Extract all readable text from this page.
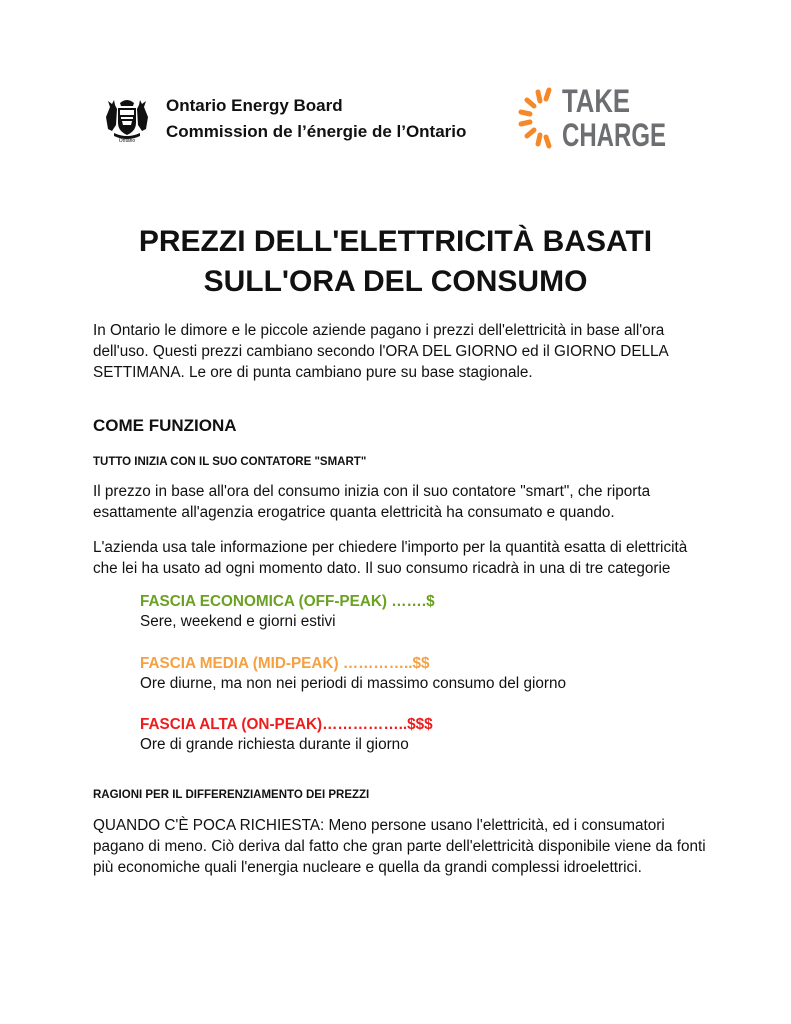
Ontario
Ontario Energy Board
Commission de l’énergie de l’Ontario
TAKE
CHARGE
PREZZI DELL'ELETTRICITÀ BASATI SULL'ORA DEL CONSUMO
In Ontario le dimore e le piccole aziende pagano i prezzi dell'elettricità in base all'ora dell'uso. Questi prezzi cambiano secondo l'ORA DEL GIORNO ed il GIORNO DELLA SETTIMANA. Le ore di punta cambiano pure su base stagionale.
COME FUNZIONA
TUTTO INIZIA CON IL SUO CONTATORE "SMART"
Il prezzo in base all'ora del consumo inizia con il suo contatore "smart", che riporta esattamente all'agenzia erogatrice quanta elettricità ha consumato e quando.
L'azienda usa tale informazione per chiedere l'importo per la quantità esatta di elettricità che lei ha usato ad ogni momento dato. Il suo consumo ricadrà in una di tre categorie
FASCIA ECONOMICA (OFF-PEAK) …….$
Sere, weekend e giorni estivi
FASCIA MEDIA (MID-PEAK) …………..$$
Ore diurne, ma non nei periodi di massimo consumo del giorno
FASCIA ALTA (ON-PEAK)……………..$$$
Ore di grande richiesta durante il giorno
RAGIONI PER IL DIFFERENZIAMENTO DEI PREZZI
QUANDO C'È POCA RICHIESTA: Meno persone usano l'elettricità, ed i consumatori pagano di meno. Ciò deriva dal fatto che gran parte dell'elettricità disponibile viene da fonti più economiche quali l'energia nucleare e quella da grandi complessi idroelettrici.
